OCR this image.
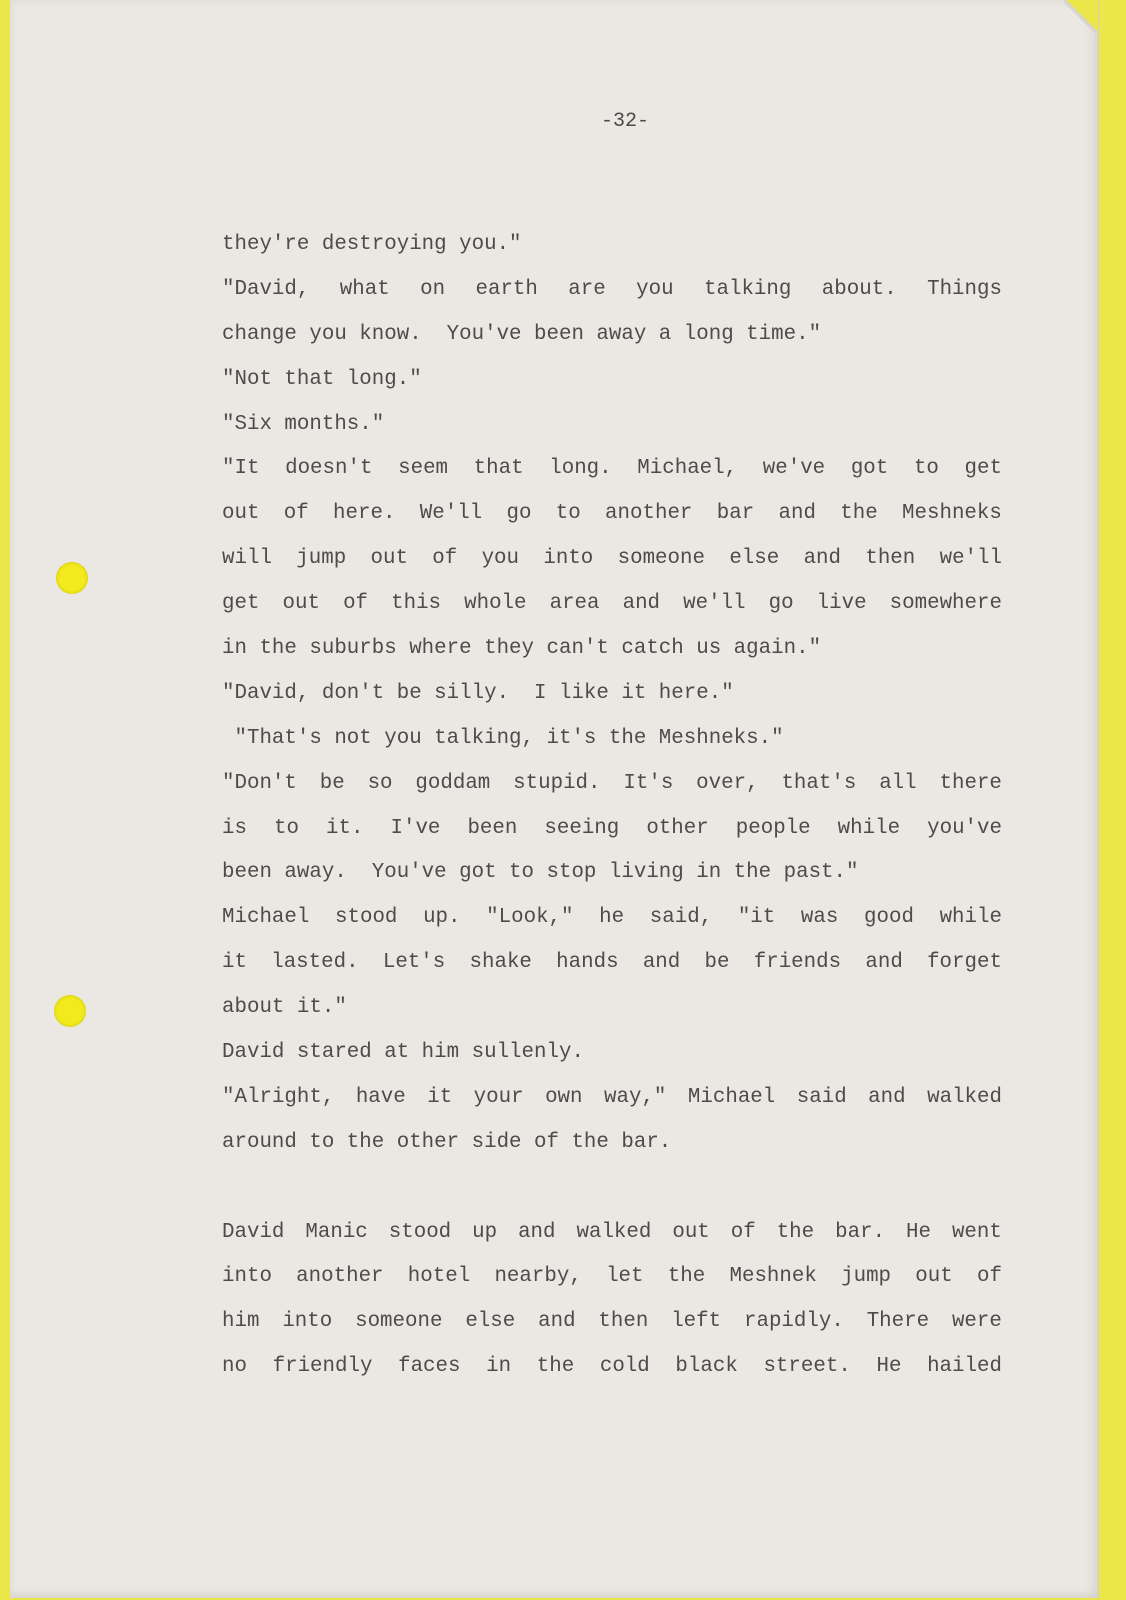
-32-
they're destroying you."
"David, what on earth are you talking about. Things
change you know.  You've been away a long time."
"Not that long."
"Six months."
"It doesn't seem that long. Michael, we've got to get
out of here. We'll go to another bar and the Meshneks
will jump out of you into someone else and then we'll
get out of this whole area and we'll go live somewhere
in the suburbs where they can't catch us again."
"David, don't be silly.  I like it here."
"That's not you talking, it's the Meshneks."
"Don't be so goddam stupid. It's over, that's all there
is to it. I've been seeing other people while you've
been away.  You've got to stop living in the past."
Michael stood up. "Look," he said, "it was good while
it lasted. Let's shake hands and be friends and forget
about it."
David stared at him sullenly.
"Alright, have it your own way," Michael said and walked
around to the other side of the bar.
David Manic stood up and walked out of the bar. He went
into another hotel nearby, let the Meshnek jump out of
him into someone else and then left rapidly. There were
no friendly faces in the cold black street. He hailed
